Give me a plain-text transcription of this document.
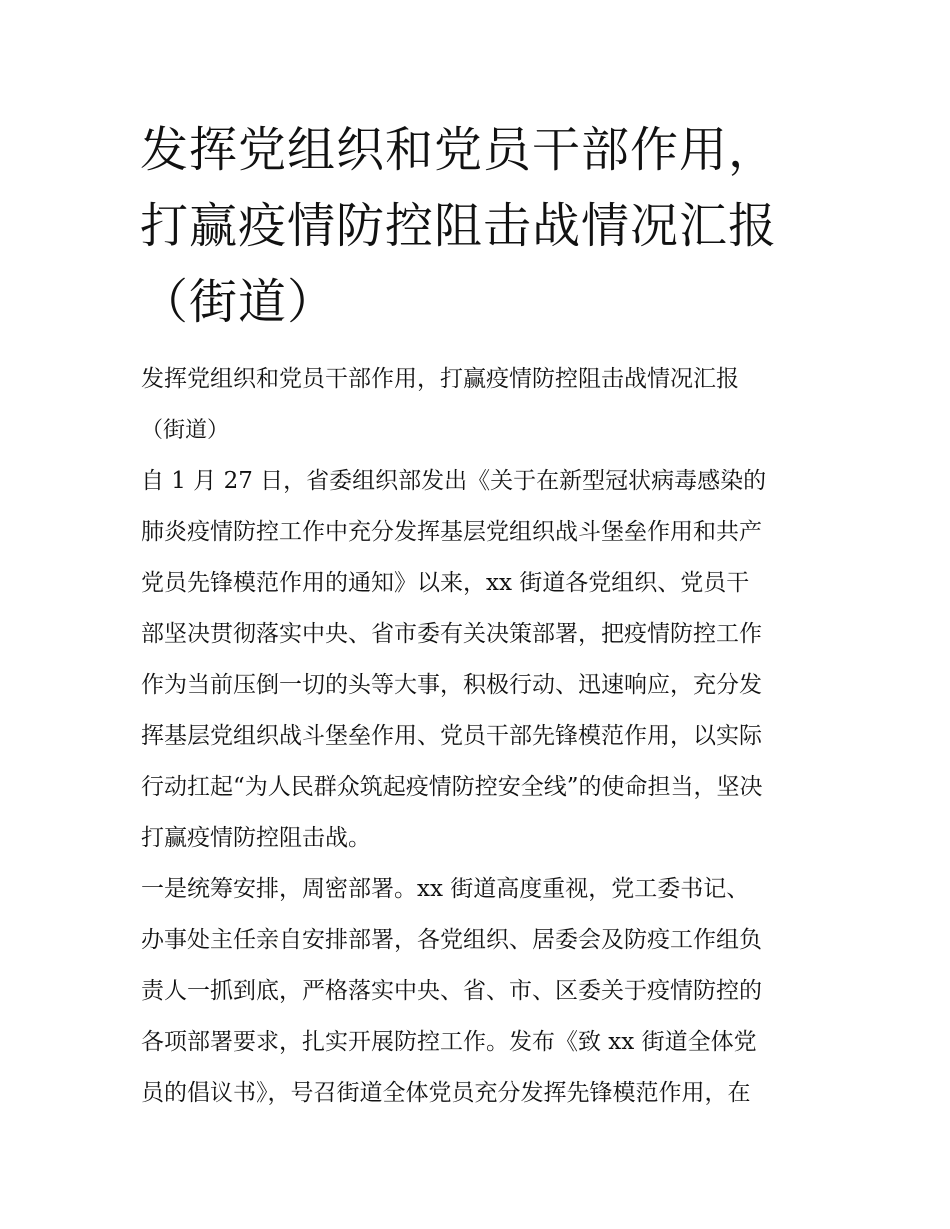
发挥党组织和党员干部作用，
打赢疫情防控阻击战情况汇报
（街道）
发挥党组织和党员干部作用，打赢疫情防控阻击战情况汇报
（街道）
自 1 月 27 日，省委组织部发出《关于在新型冠状病毒感染的
肺炎疫情防控工作中充分发挥基层党组织战斗堡垒作用和共产
党员先锋模范作用的通知》以来，xx 街道各党组织、党员干
部坚决贯彻落实中央、省市委有关决策部署，把疫情防控工作
作为当前压倒一切的头等大事，积极行动、迅速响应，充分发
挥基层党组织战斗堡垒作用、党员干部先锋模范作用，以实际
行动扛起“为人民群众筑起疫情防控安全线”的使命担当，坚决
打赢疫情防控阻击战。
一是统筹安排，周密部署。xx 街道高度重视，党工委书记、
办事处主任亲自安排部署，各党组织、居委会及防疫工作组负
责人一抓到底，严格落实中央、省、市、区委关于疫情防控的
各项部署要求，扎实开展防控工作。发布《致 xx 街道全体党
员的倡议书》，号召街道全体党员充分发挥先锋模范作用，在
